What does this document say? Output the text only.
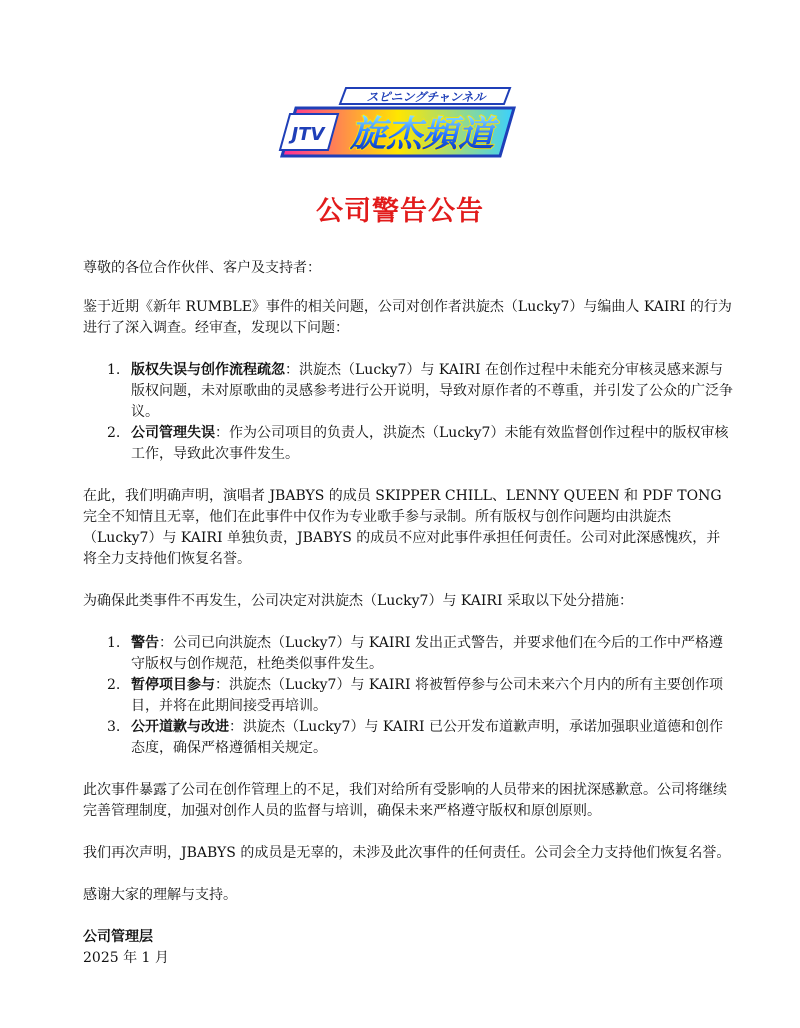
スピニングチャンネル
JTV 旋杰頻道
公司警告公告

尊敬的各位合作伙伴、客户及支持者：

鉴于近期《新年 RUMBLE》事件的相关问题，公司对创作者洪旋杰（Lucky7）与编曲人 KAIRI 的行为进行了深入调查。经审查，发现以下问题：

1. 版权失误与创作流程疏忽：洪旋杰（Lucky7）与 KAIRI 在创作过程中未能充分审核灵感来源与版权问题，未对原歌曲的灵感参考进行公开说明，导致对原作者的不尊重，并引发了公众的广泛争议。
2. 公司管理失误：作为公司项目的负责人，洪旋杰（Lucky7）未能有效监督创作过程中的版权审核工作，导致此次事件发生。

在此，我们明确声明，演唱者 JBABYS 的成员 SKIPPER CHILL、LENNY QUEEN 和 PDF TONG 完全不知情且无辜，他们在此事件中仅作为专业歌手参与录制。所有版权与创作问题均由洪旋杰（Lucky7）与 KAIRI 单独负责，JBABYS 的成员不应对此事件承担任何责任。公司对此深感愧疚，并将全力支持他们恢复名誉。

为确保此类事件不再发生，公司决定对洪旋杰（Lucky7）与 KAIRI 采取以下处分措施：

1. 警告：公司已向洪旋杰（Lucky7）与 KAIRI 发出正式警告，并要求他们在今后的工作中严格遵守版权与创作规范，杜绝类似事件发生。
2. 暂停项目参与：洪旋杰（Lucky7）与 KAIRI 将被暂停参与公司未来六个月内的所有主要创作项目，并将在此期间接受再培训。
3. 公开道歉与改进：洪旋杰（Lucky7）与 KAIRI 已公开发布道歉声明，承诺加强职业道德和创作态度，确保严格遵循相关规定。

此次事件暴露了公司在创作管理上的不足，我们对给所有受影响的人员带来的困扰深感歉意。公司将继续完善管理制度，加强对创作人员的监督与培训，确保未来严格遵守版权和原创原则。

我们再次声明，JBABYS 的成员是无辜的，未涉及此次事件的任何责任。公司会全力支持他们恢复名誉。

感谢大家的理解与支持。

公司管理层

2025 年 1 月
